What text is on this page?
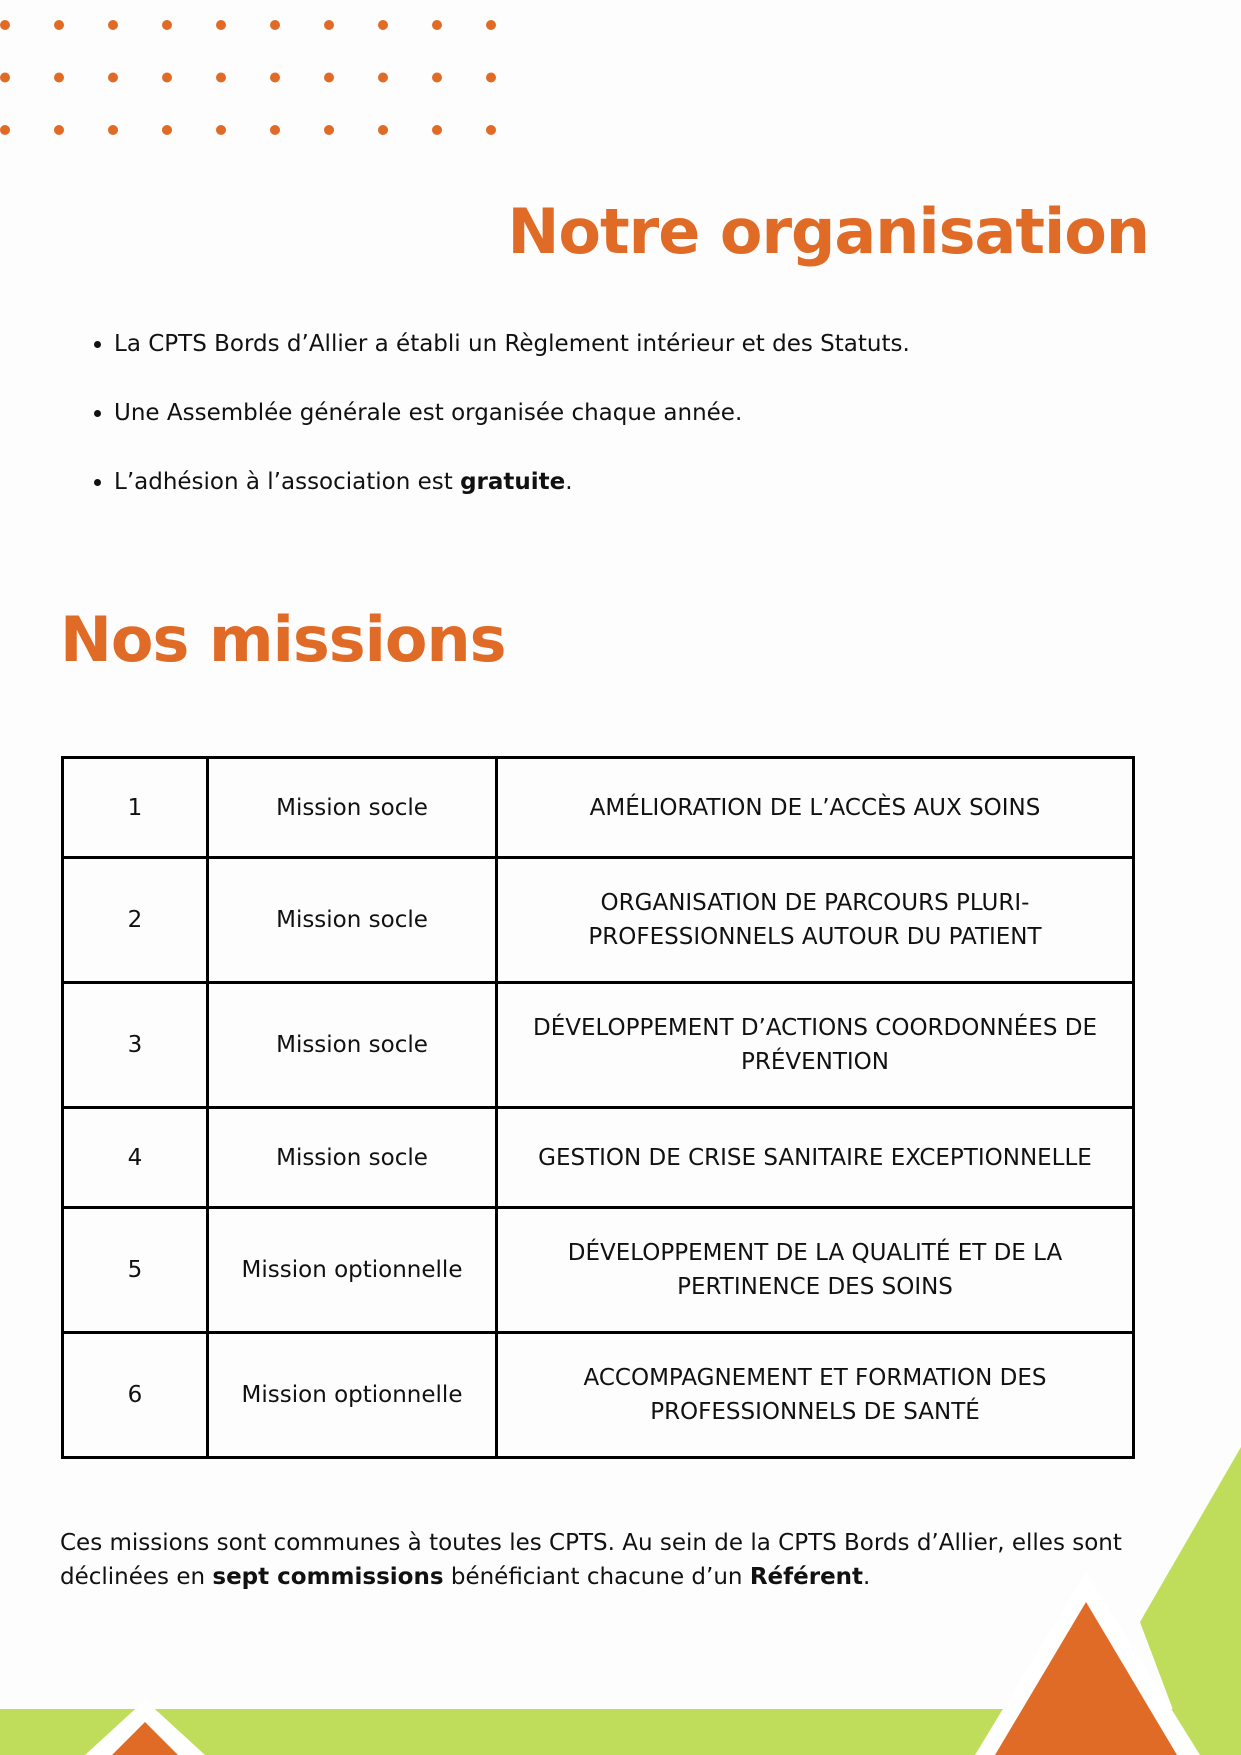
Notre organisation
• La CPTS Bords d’Allier a établi un Règlement intérieur et des Statuts.
• Une Assemblée générale est organisée chaque année.
• L’adhésion à l’association est gratuite.
Nos missions
1	Mission socle	AMÉLIORATION DE L’ACCÈS AUX SOINS
2	Mission socle	ORGANISATION DE PARCOURS PLURI-PROFESSIONNELS AUTOUR DU PATIENT
3	Mission socle	DÉVELOPPEMENT D’ACTIONS COORDONNÉES DE PRÉVENTION
4	Mission socle	GESTION DE CRISE SANITAIRE EXCEPTIONNELLE
5	Mission optionnelle	DÉVELOPPEMENT DE LA QUALITÉ ET DE LA PERTINENCE DES SOINS
6	Mission optionnelle	ACCOMPAGNEMENT ET FORMATION DES PROFESSIONNELS DE SANTÉ

Ces missions sont communes à toutes les CPTS. Au sein de la CPTS Bords d’Allier, elles sont déclinées en sept commissions bénéficiant chacune d’un Référent.
